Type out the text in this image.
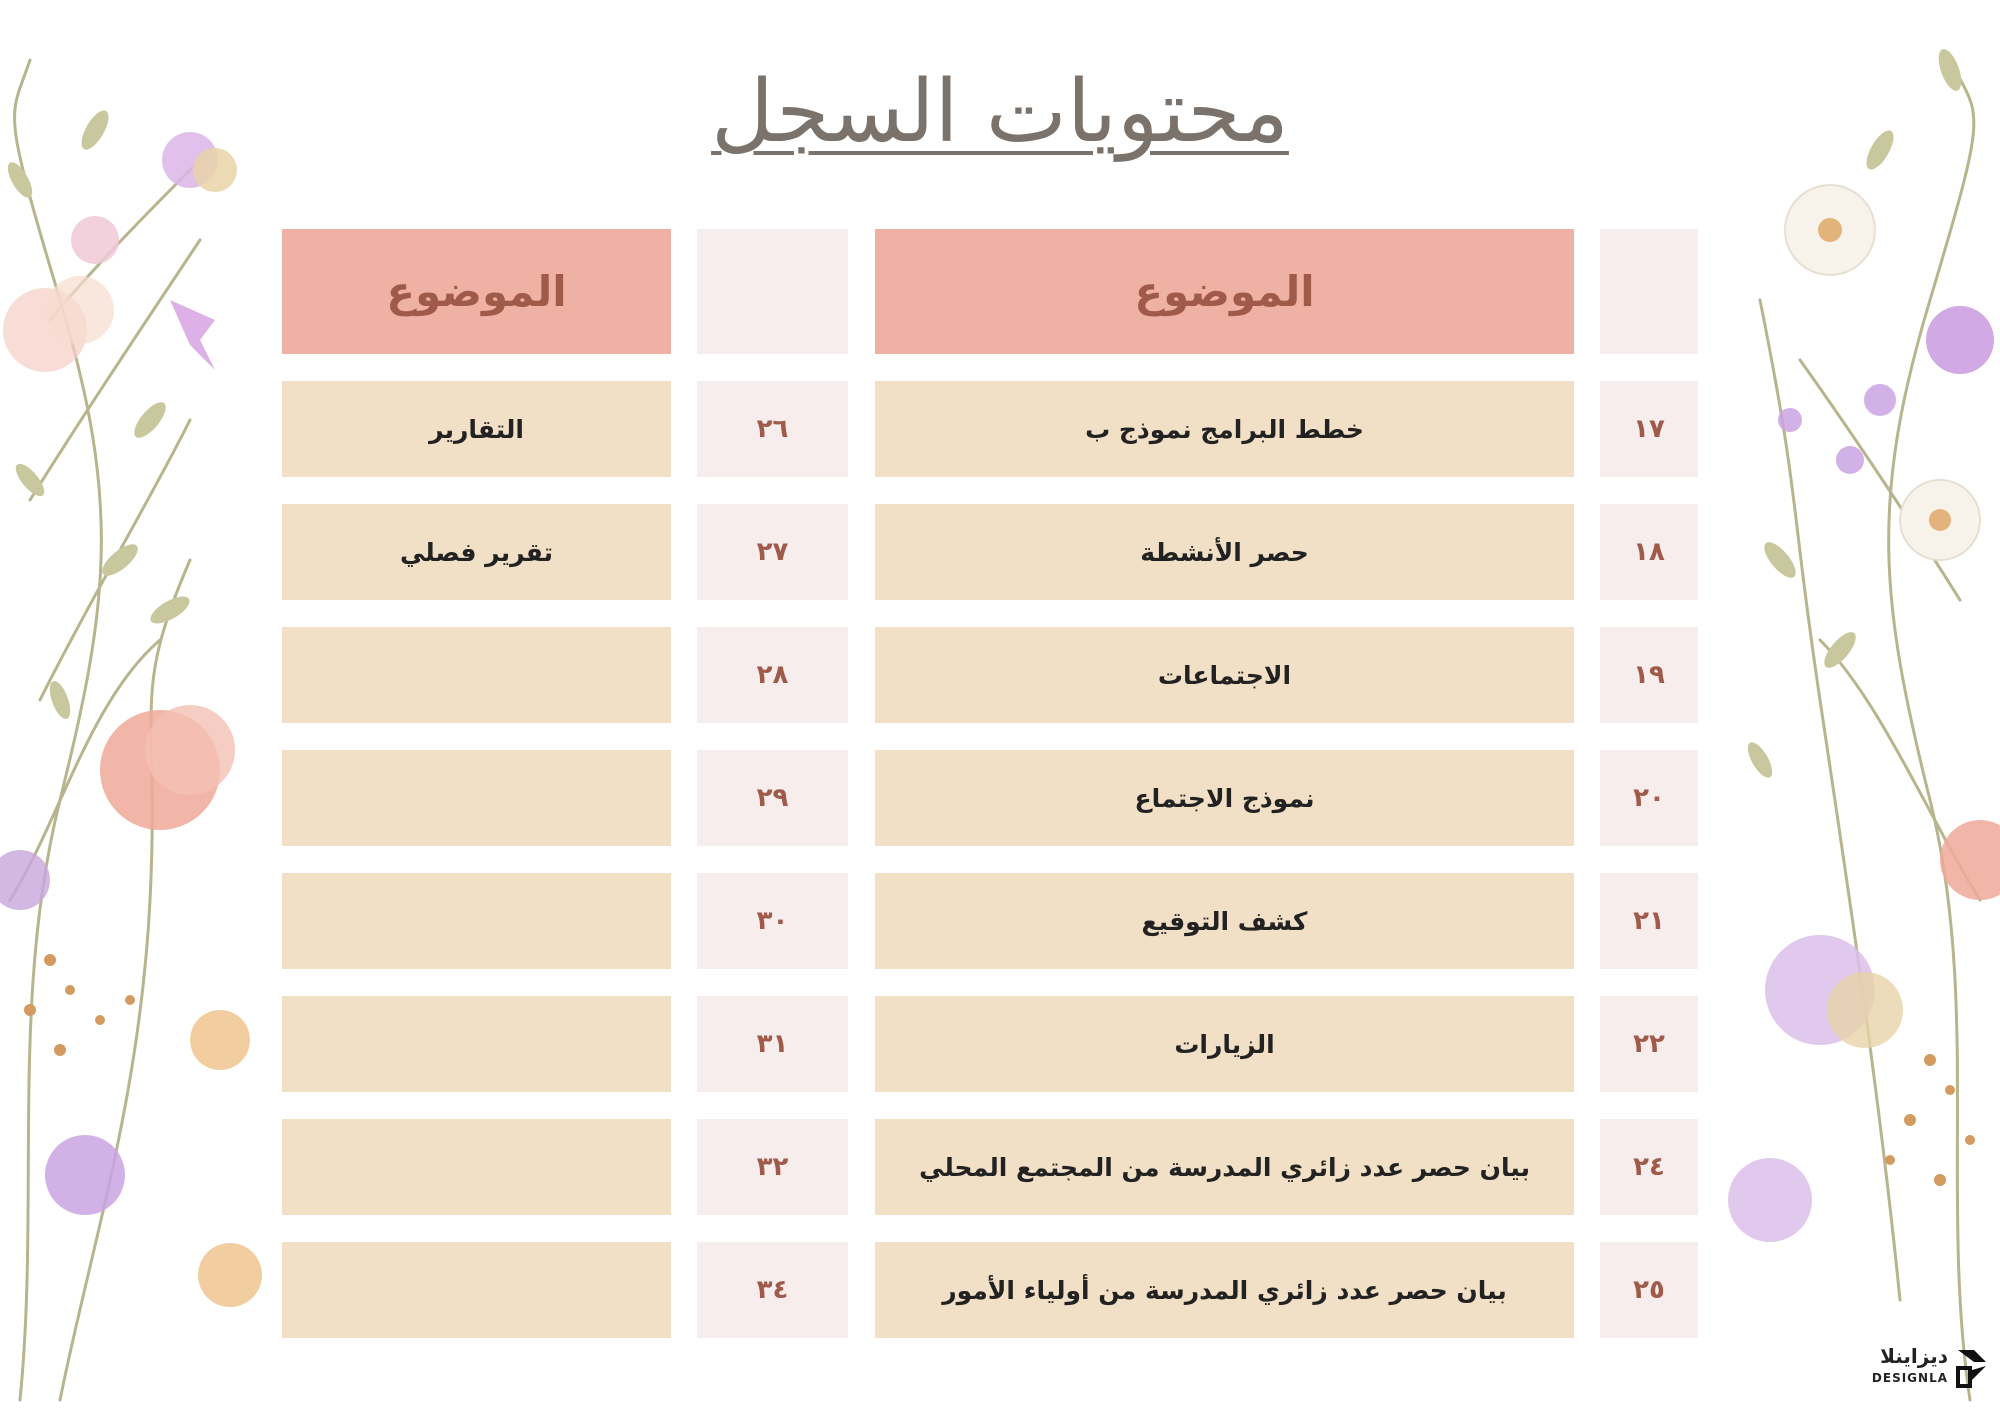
محتويات السجل
الموضوع
الموضوع
١٧
خطط البرامج نموذج ب
١٨
حصر الأنشطة
١٩
الاجتماعات
٢٠
نموذج الاجتماع
٢١
كشف التوقيع
٢٢
الزيارات
٢٤
بيان حصر عدد زائري المدرسة من المجتمع المحلي
٢٥
بيان حصر عدد زائري المدرسة من أولياء الأمور
٢٦
التقارير
٢٧
تقرير فصلي
٢٨
٢٩
٣٠
٣١
٣٢
٣٤
ديزاينلا
DESIGNLA
